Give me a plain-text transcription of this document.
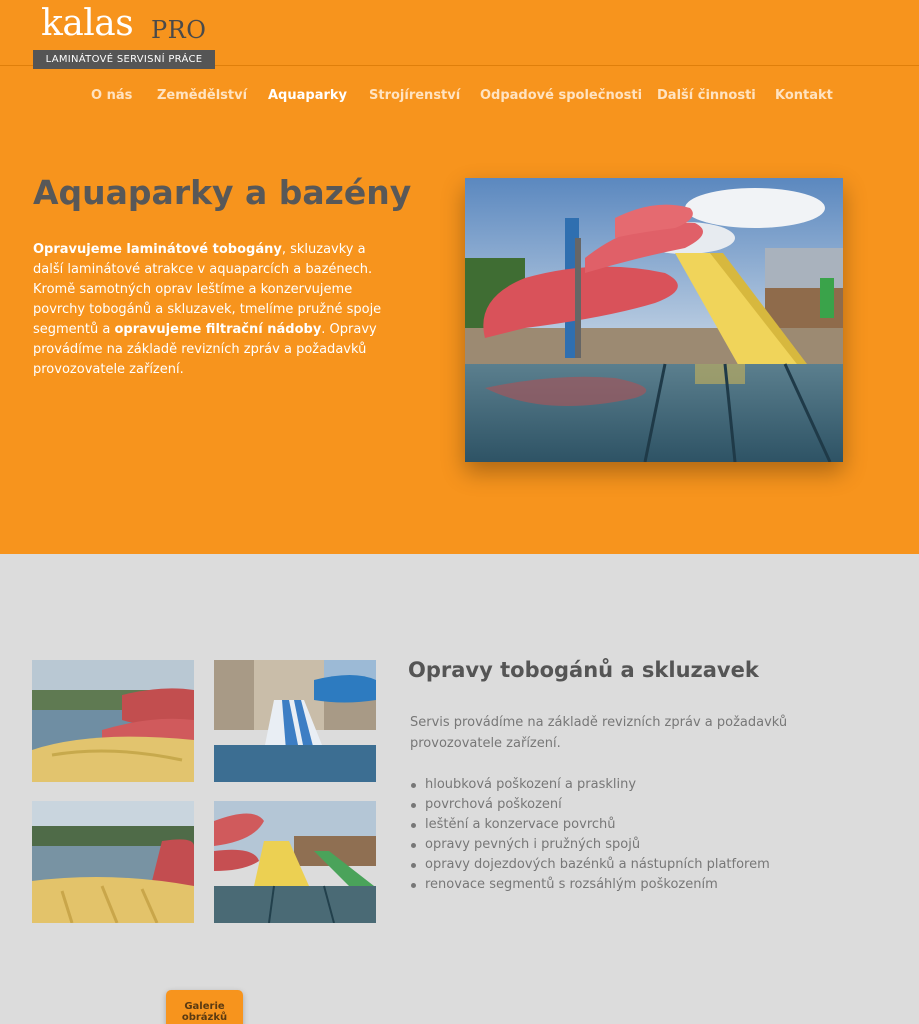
kalas PRO
LAMINÁTOVÉ SERVISNÍ PRÁCE
O nás Zemědělství Aquaparky Strojírenství Odpadové společnosti Další činnosti Kontakt
Aquaparky a bazény

Opravujeme laminátové tobogány, skluzavky a další laminátové atrakce v aquaparcích a bazénech. Kromě samotných oprav leštíme a konzervujeme povrchy tobogánů a skluzavek, tmelíme pružné spoje segmentů a opravujeme filtrační nádoby. Opravy provádíme na základě revizních zpráv a požadavků provozovatele zařízení.

Opravy tobogánů a skluzavek

Servis provádíme na základě revizních zpráv a požadavků provozovatele zařízení.

hloubková poškození a praskliny
povrchová poškození
leštění a konzervace povrchů
opravy pevných i pružných spojů
opravy dojezdových bazénků a nástupních platforem
renovace segmentů s rozsáhlým poškozením
Galerie
obrázků
